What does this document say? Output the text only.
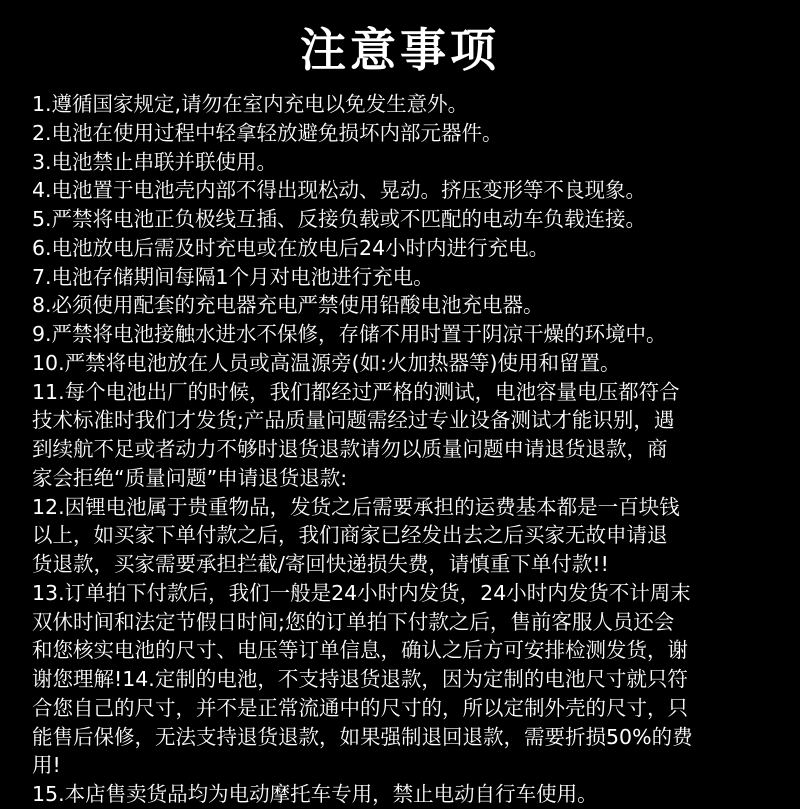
注意事项
1.遵循国家规定,请勿在室内充电以免发生意外。
2.电池在使用过程中轻拿轻放避免损坏内部元器件。
3.电池禁止串联并联使用。
4.电池置于电池壳内部不得出现松动、晃动。挤压变形等不良现象。
5.严禁将电池正负极线互插、反接负载或不匹配的电动车负载连接。
6.电池放电后需及时充电或在放电后24小时内进行充电。
7.电池存储期间每隔1个月对电池进行充电。
8.必须使用配套的充电器充电严禁使用铅酸电池充电器。
9.严禁将电池接触水进水不保修，存储不用时置于阴凉干燥的环境中。
10.严禁将电池放在人员或高温源旁(如:火加热器等)使用和留置。
11.每个电池出厂的时候，我们都经过严格的测试，电池容量电压都符合
技术标准时我们才发货;产品质量问题需经过专业设备测试才能识别，遇
到续航不足或者动力不够时退货退款请勿以质量问题申请退货退款，商
家会拒绝“质量问题”申请退货退款:
12.因锂电池属于贵重物品，发货之后需要承担的运费基本都是一百块钱
以上，如买家下单付款之后，我们商家已经发出去之后买家无故申请退
货退款，买家需要承担拦截/寄回快递损失费，请慎重下单付款!!
13.订单拍下付款后，我们一般是24小时内发货，24小时内发货不计周末
双休时间和法定节假日时间;您的订单拍下付款之后，售前客服人员还会
和您核实电池的尺寸、电压等订单信息，确认之后方可安排检测发货，谢
谢您理解!14.定制的电池，不支持退货退款，因为定制的电池尺寸就只符
合您自己的尺寸，并不是正常流通中的尺寸的，所以定制外壳的尺寸，只
能售后保修，无法支持退货退款，如果强制退回退款，需要折损50%的费
用!
15.本店售卖货品均为电动摩托车专用，禁止电动自行车使用。
